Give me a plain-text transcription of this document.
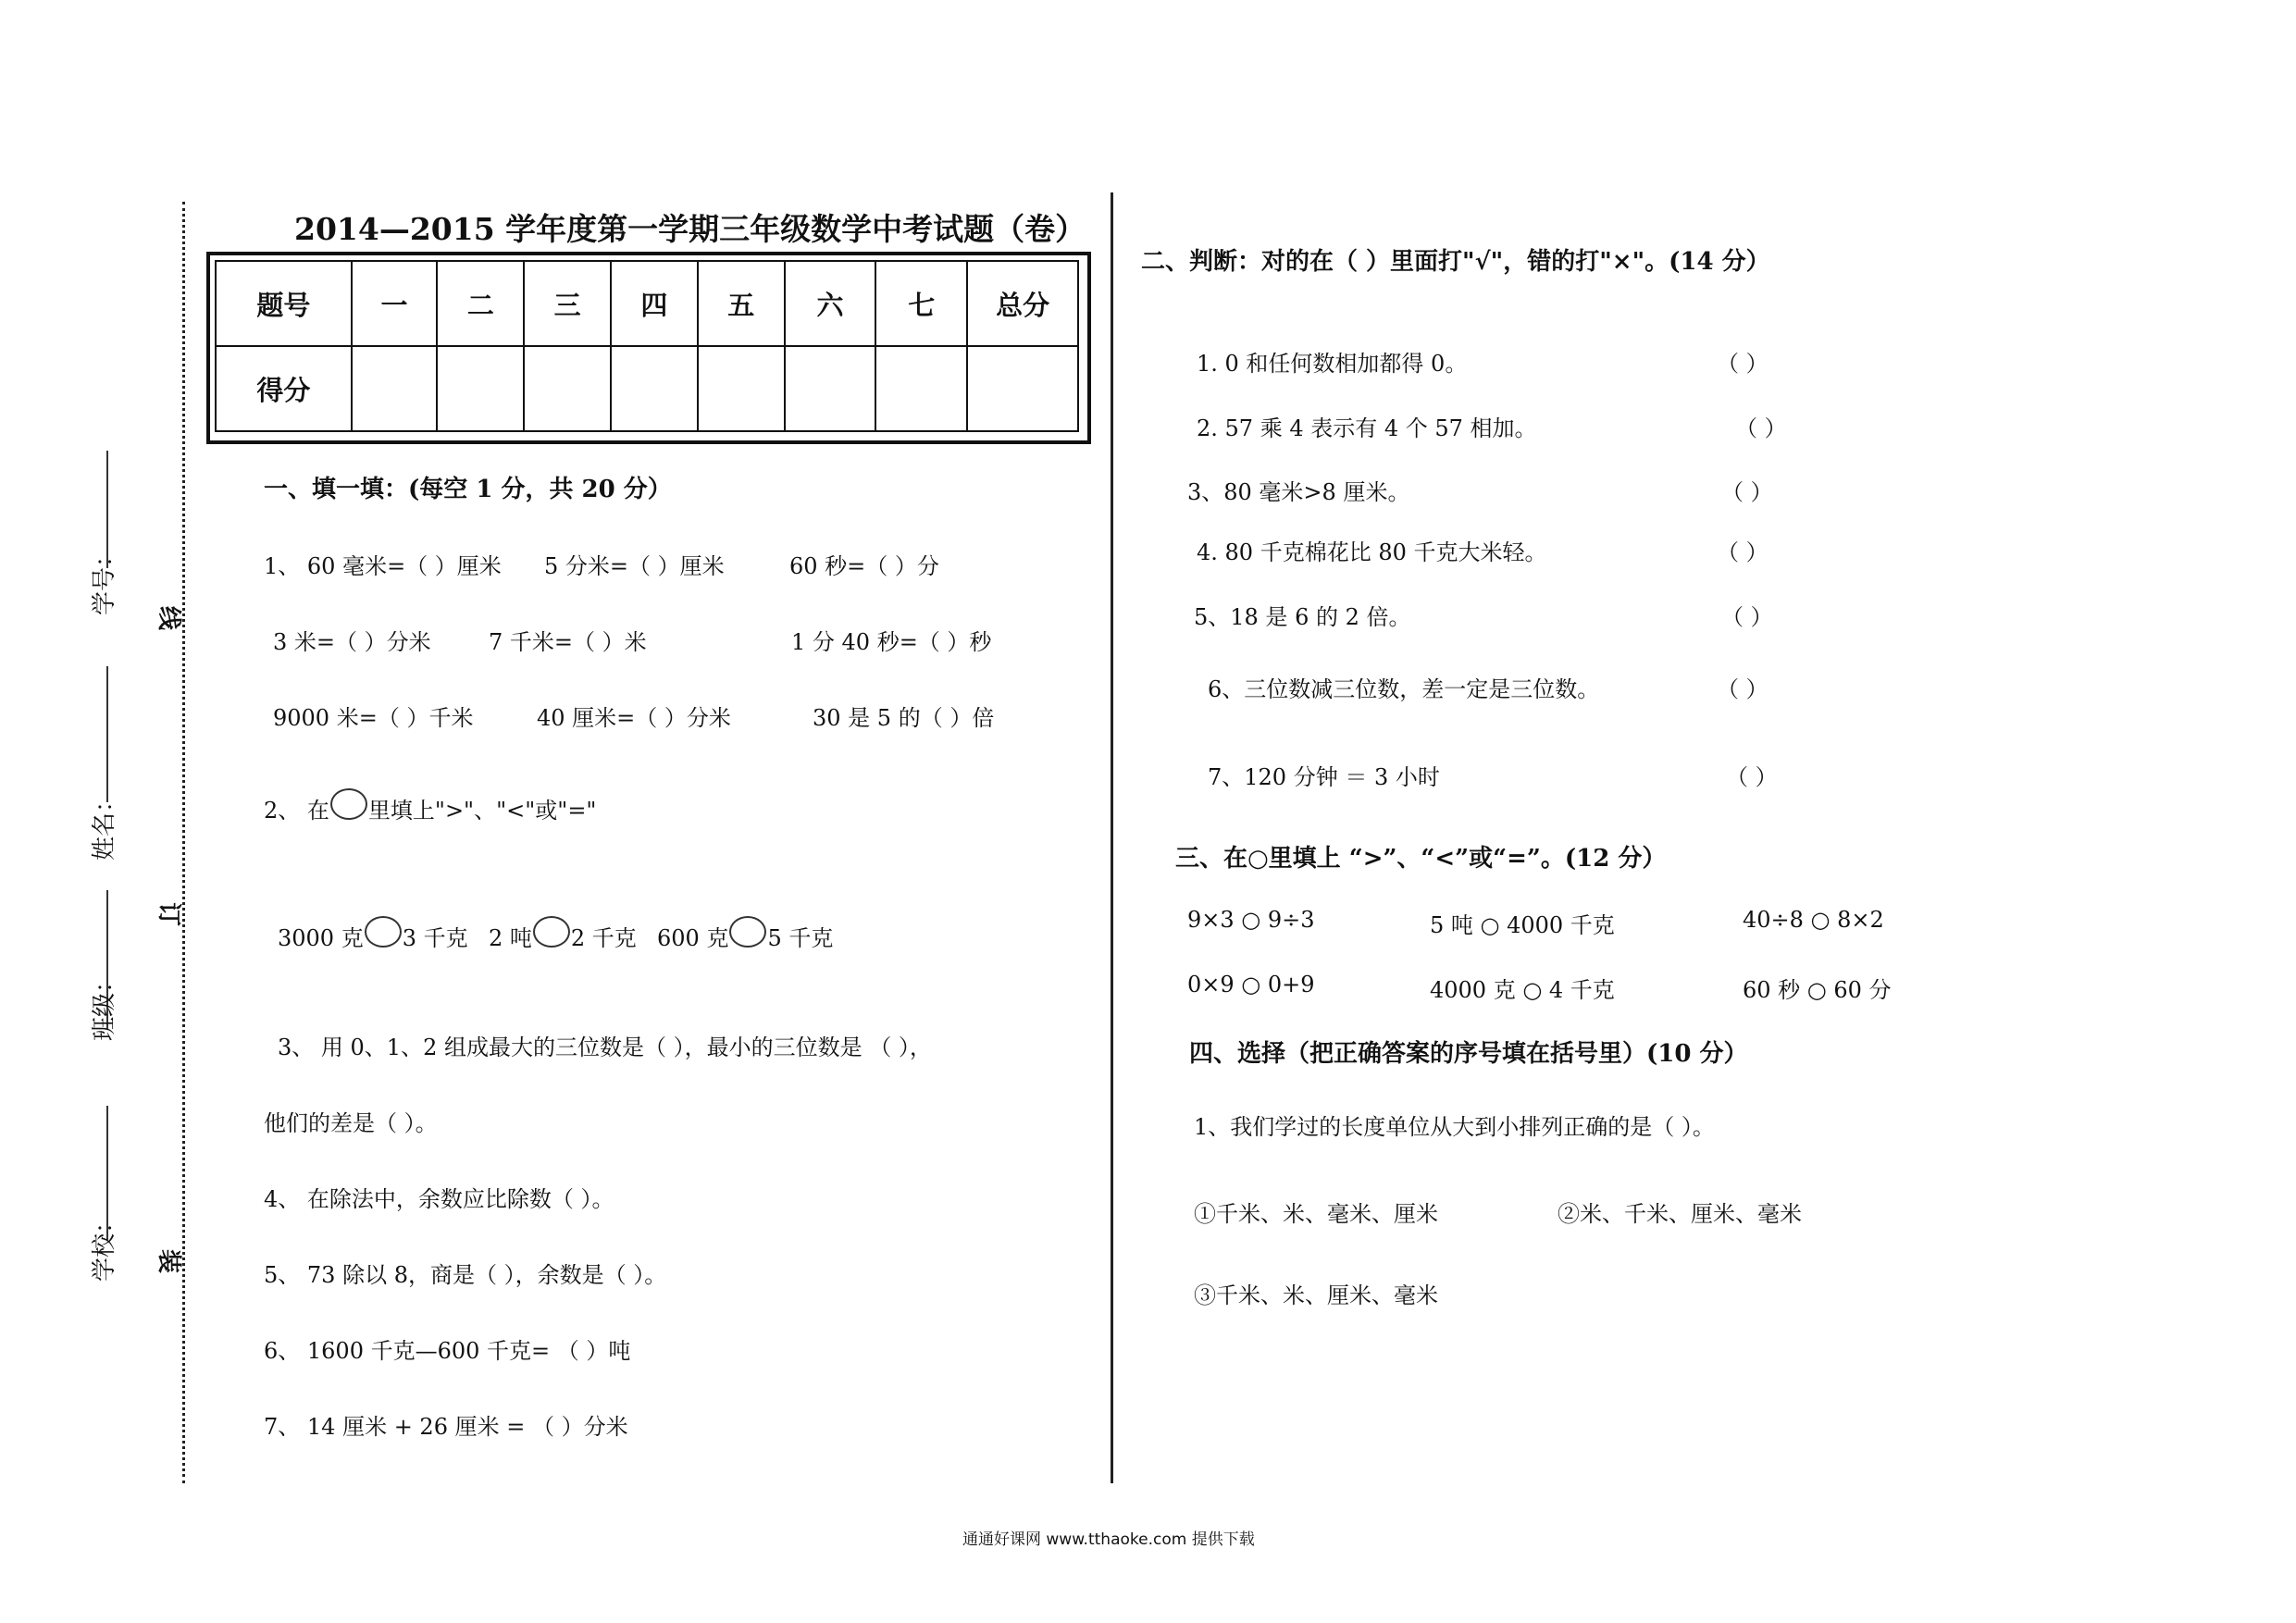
学号：
姓名：
班级：
学校：
线
订
装
2014—2015 学年度第一学期三年级数学中考试题（卷）
题号	一	二	三	四	五	六	七	总分
得分								
一、填一填：(每空 1 分，共 20 分）
1、 60 毫米=（ ）厘米 5 分米=（ ）厘米	60 秒=（ ）分
3 米=（ ）分米	7 千米=（ ）米	1 分 40 秒=（ ）秒
9000 米=（ ）千米	40 厘米=（ ）分米	30 是 5 的（ ）倍
2、 在 里填上">"、"<"或"="
3000 克 3 千克 2 吨 2 千克 600 克 5 千克
3、 用 0、1、2 组成最大的三位数是（ ），最小的三位数是 （ ），
他们的差是（ ）。
4、 在除法中，余数应比除数（ ）。
5、 73 除以 8，商是（ ），余数是（ ）。
6、 1600 千克—600 千克= （ ）吨
7、 14 厘米 + 26 厘米 = （ ）分米
二、判断：对的在（ ）里面打"√"，错的打"×"。(14 分）
1. 0 和任何数相加都得 0。	（ ）
2. 57 乘 4 表示有 4 个 57 相加。	（ ）
3、80 毫米>8 厘米。	（ ）
4. 80 千克棉花比 80 千克大米轻。	（ ）
5、18 是 6 的 2 倍。	（ ）
6、三位数减三位数，差一定是三位数。	（ ）
7、120 分钟 ＝ 3 小时	（ ）
三、在○里填上 “>”、“<”或“=”。(12 分）
9×3 ○ 9÷3	5 吨 ○ 4000 千克	40÷8 ○ 8×2
0×9 ○ 0+9	4000 克 ○ 4 千克	60 秒 ○ 60 分
四、选择（把正确答案的序号填在括号里）(10 分）
1、我们学过的长度单位从大到小排列正确的是（ ）。
①千米、米、毫米、厘米	②米、千米、厘米、毫米
③千米、米、厘米、毫米
通通好课网 www.tthaoke.com 提供下载
